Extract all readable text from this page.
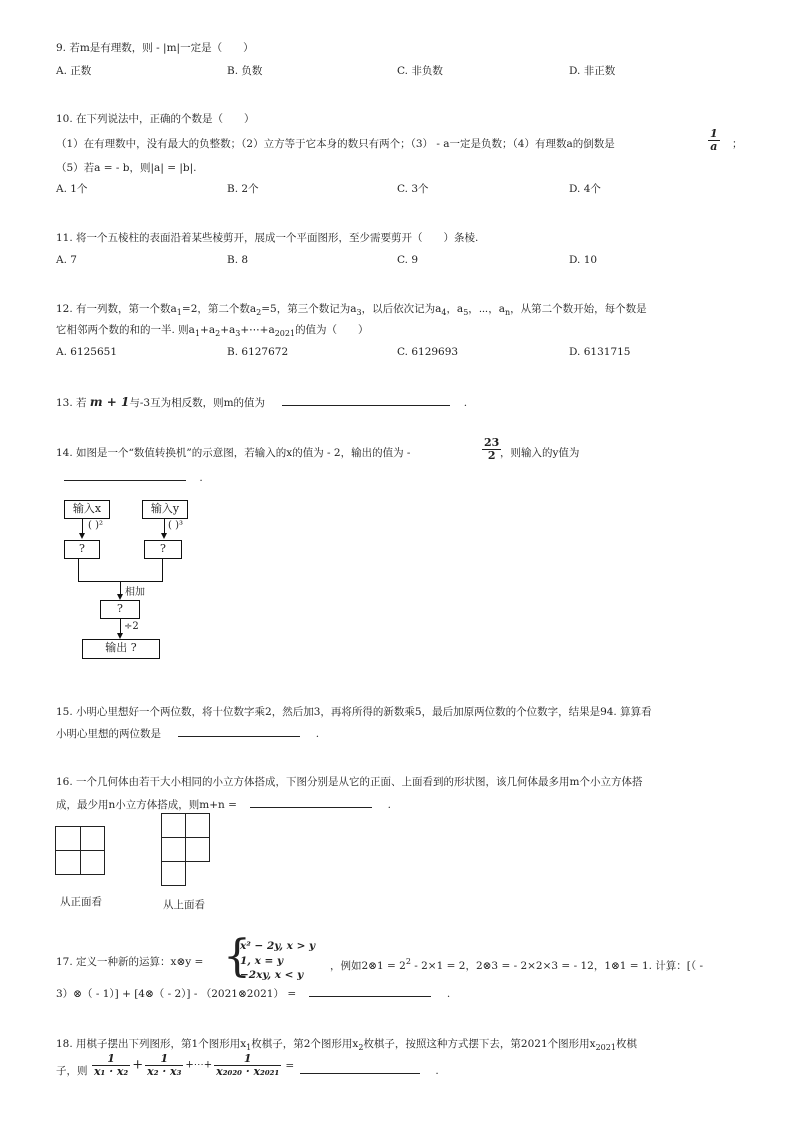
9. 若m是有理数，则 - |m|一定是（　　）
A. 正数	B. 负数	C. 非负数	D. 非正数
10. 在下列说法中，正确的个数是（　　）
（1）在有理数中，没有最大的负整数；（2）立方等于它本身的数只有两个；（3） - a一定是负数；（4）有理数a的倒数是	$\frac{1}{a}$ ；
（5）若a = - b，则|a| = |b|.
A. 1个	B. 2个	C. 3个	D. 4个
11. 将一个五棱柱的表面沿着某些棱剪开，展成一个平面图形，至少需要剪开（　　）条棱.
A. 7	B. 8	C. 9	D. 10
12. 有一列数，第一个数$a_1=2$，第二个数$a_2=5$，第三个数记为$a_3$，以后依次记为$a_4$，$a_5$，⋯，$a_n$，从第二个数开始，每个数是
它相邻两个数的和的一半. 则$a_1+a_2+a_3+\cdots+a_{2021}$的值为（　　）
A. 6125651	B. 6127672	C. 6129693	D. 6131715
13. 若 m + 1与-3互为相反数，则m的值为	.
14. 如图是一个“数值转换机”的示意图，若输入的x的值为 - 2，输出的值为 -	$\frac{23}{2}$
，则输入的y值为
.
输入x	输入y
( )²	( )³
?	?
相加
?
÷2
输出 ?
15. 小明心里想好一个两位数，将十位数字乘2，然后加3，再将所得的新数乘5，最后加原两位数的个位数字，结果是94. 算算看
小明心里想的两位数是	.
16. 一个几何体由若干大小相同的小立方体搭成，下图分别是从它的正面、上面看到的形状图，该几何体最多用m个小立方体搭
成，最少用n小立方体搭成，则m+n =	.
从正面看	从上面看
17. 定义一种新的运算：x⊗y = {
x² − 2y, x > y
1, x = y
−2xy, x < y
，例如2⊗1 = $2^2 - 2\times 1 = 2$，2⊗3 = - 2×2×3 = - 12，1⊗1 = 1. 计算：[（ -
3）⊗（ - 1）] + [4⊗（ - 2）] - （2021⊗2021） =	.
18. 用棋子摆出下列图形，第1个图形用$x_1$枚棋子，第2个图形用$x_2$枚棋子，按照这种方式摆下去，第2021个图形用$x_{2021}$枚棋
子，则 $\frac{1}{\text{x₁ · x₂}} + \frac{1}{\text{x₂ · x₃}}$ +⋯+ $\frac{1}{\text{x₂₀₂₀ · x₂₀₂₁}}$ =	.
